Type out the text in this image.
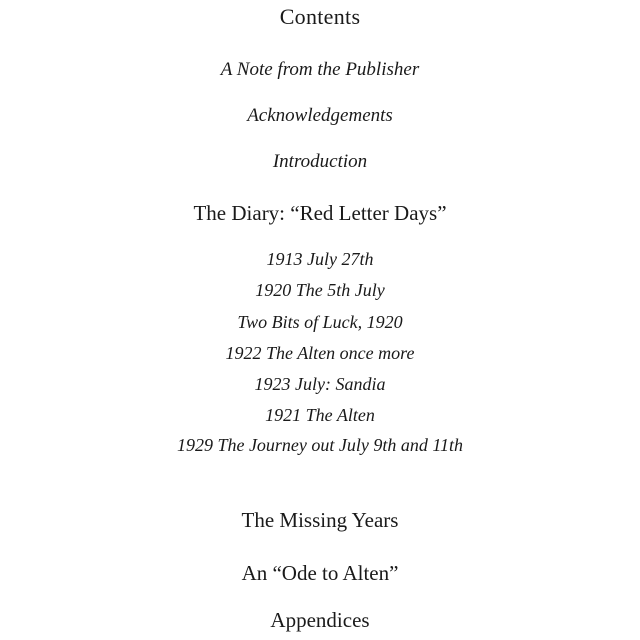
Contents
A Note from the Publisher
Acknowledgements
Introduction
The Diary: “Red Letter Days”
1913 July 27th
1920 The 5th July
Two Bits of Luck, 1920
1922 The Alten once more
1923 July: Sandia
1921 The Alten
1929 The Journey out July 9th and 11th
The Missing Years
An “Ode to Alten”
Appendices
